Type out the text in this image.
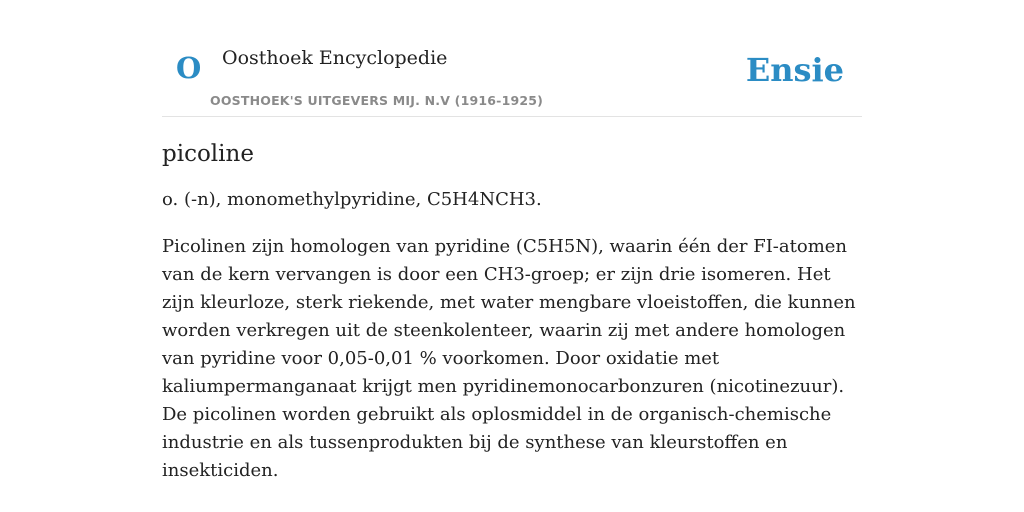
O Oosthoek Encyclopedie
OOSTHOEK'S UITGEVERS MIJ. N.V (1916-1925)
Ensie
picoline

o. (-n), monomethylpyridine, C5H4NCH3.

Picolinen zijn homologen van pyridine (C5H5N), waarin één der FI-atomen van de kern vervangen is door een CH3-groep; er zijn drie isomeren. Het zijn kleurloze, sterk riekende, met water mengbare vloeistoffen, die kunnen worden verkregen uit de steenkolenteer, waarin zij met andere homologen van pyridine voor 0,05-0,01 % voorkomen. Door oxidatie met kaliumpermanganaat krijgt men pyridinemonocarbonzuren (nicotinezuur). De picolinen worden gebruikt als oplosmiddel in de organisch-chemische industrie en als tussenprodukten bij de synthese van kleurstoffen en insekticiden.
